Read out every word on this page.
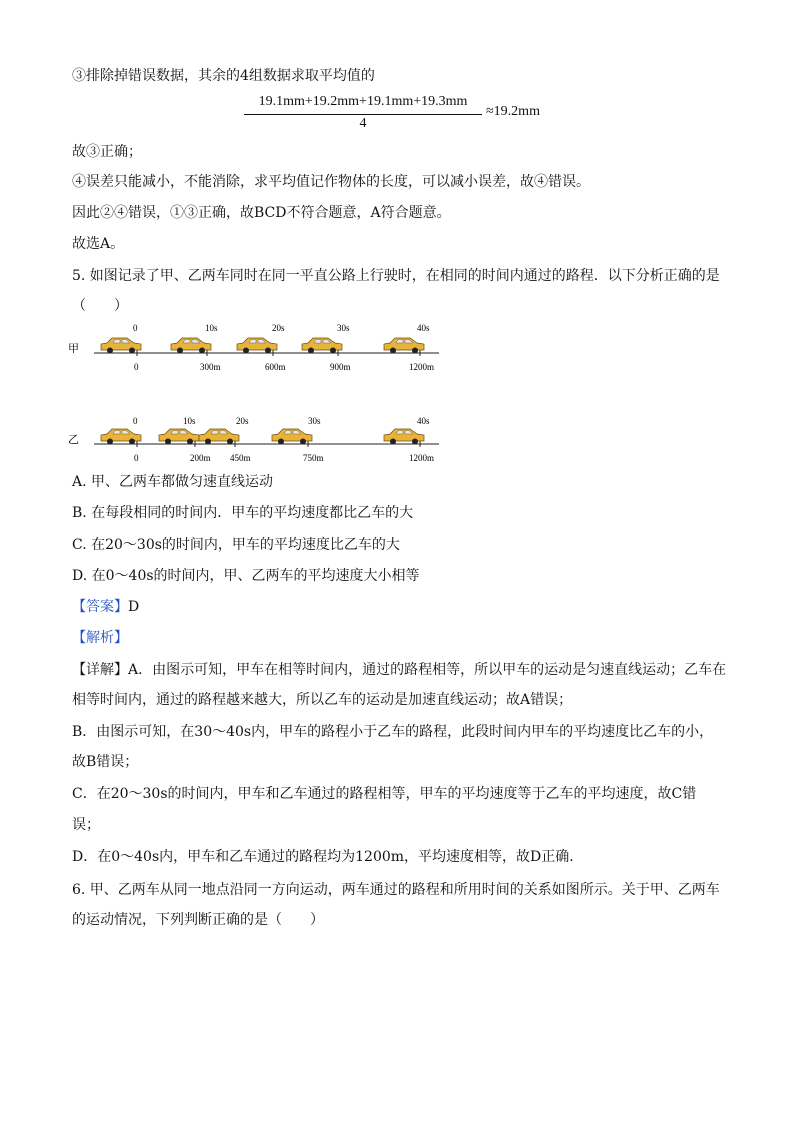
③排除掉错误数据，其余的4组数据求取平均值的
19.1mm+19.2mm+19.1mm+19.3mm
4
≈19.2mm
故③正确；
④误差只能减小，不能消除，求平均值记作物体的长度，可以减小误差，故④错误。
因此②④错误，①③正确，故BCD不符合题意，A符合题意。
故选A。
5. 如图记录了甲、乙两车同时在同一平直公路上行驶时，在相同的时间内通过的路程．以下分析正确的是
（　　）
甲
0	10s	20s	30s	40s
0	300m	600m	900m	1200m
乙
0	10s	20s	30s	40s
0	200m 450m	750m	1200m
A. 甲、乙两车都做匀速直线运动
B. 在每段相同的时间内．甲车的平均速度都比乙车的大
C. 在20～30s的时间内，甲车的平均速度比乙车的大
D. 在0～40s的时间内，甲、乙两车的平均速度大小相等
【答案】D
【解析】
【详解】A．由图示可知，甲车在相等时间内，通过的路程相等，所以甲车的运动是匀速直线运动；乙车在
相等时间内，通过的路程越来越大，所以乙车的运动是加速直线运动；故A错误；
B．由图示可知，在30～40s内，甲车的路程小于乙车的路程，此段时间内甲车的平均速度比乙车的小，
故B错误；
C．在20～30s的时间内，甲车和乙车通过的路程相等，甲车的平均速度等于乙车的平均速度，故C错
误；
D．在0～40s内，甲车和乙车通过的路程均为1200m，平均速度相等，故D正确．
6. 甲、乙两车从同一地点沿同一方向运动，两车通过的路程和所用时间的关系如图所示。关于甲、乙两车
的运动情况，下列判断正确的是（　　）
